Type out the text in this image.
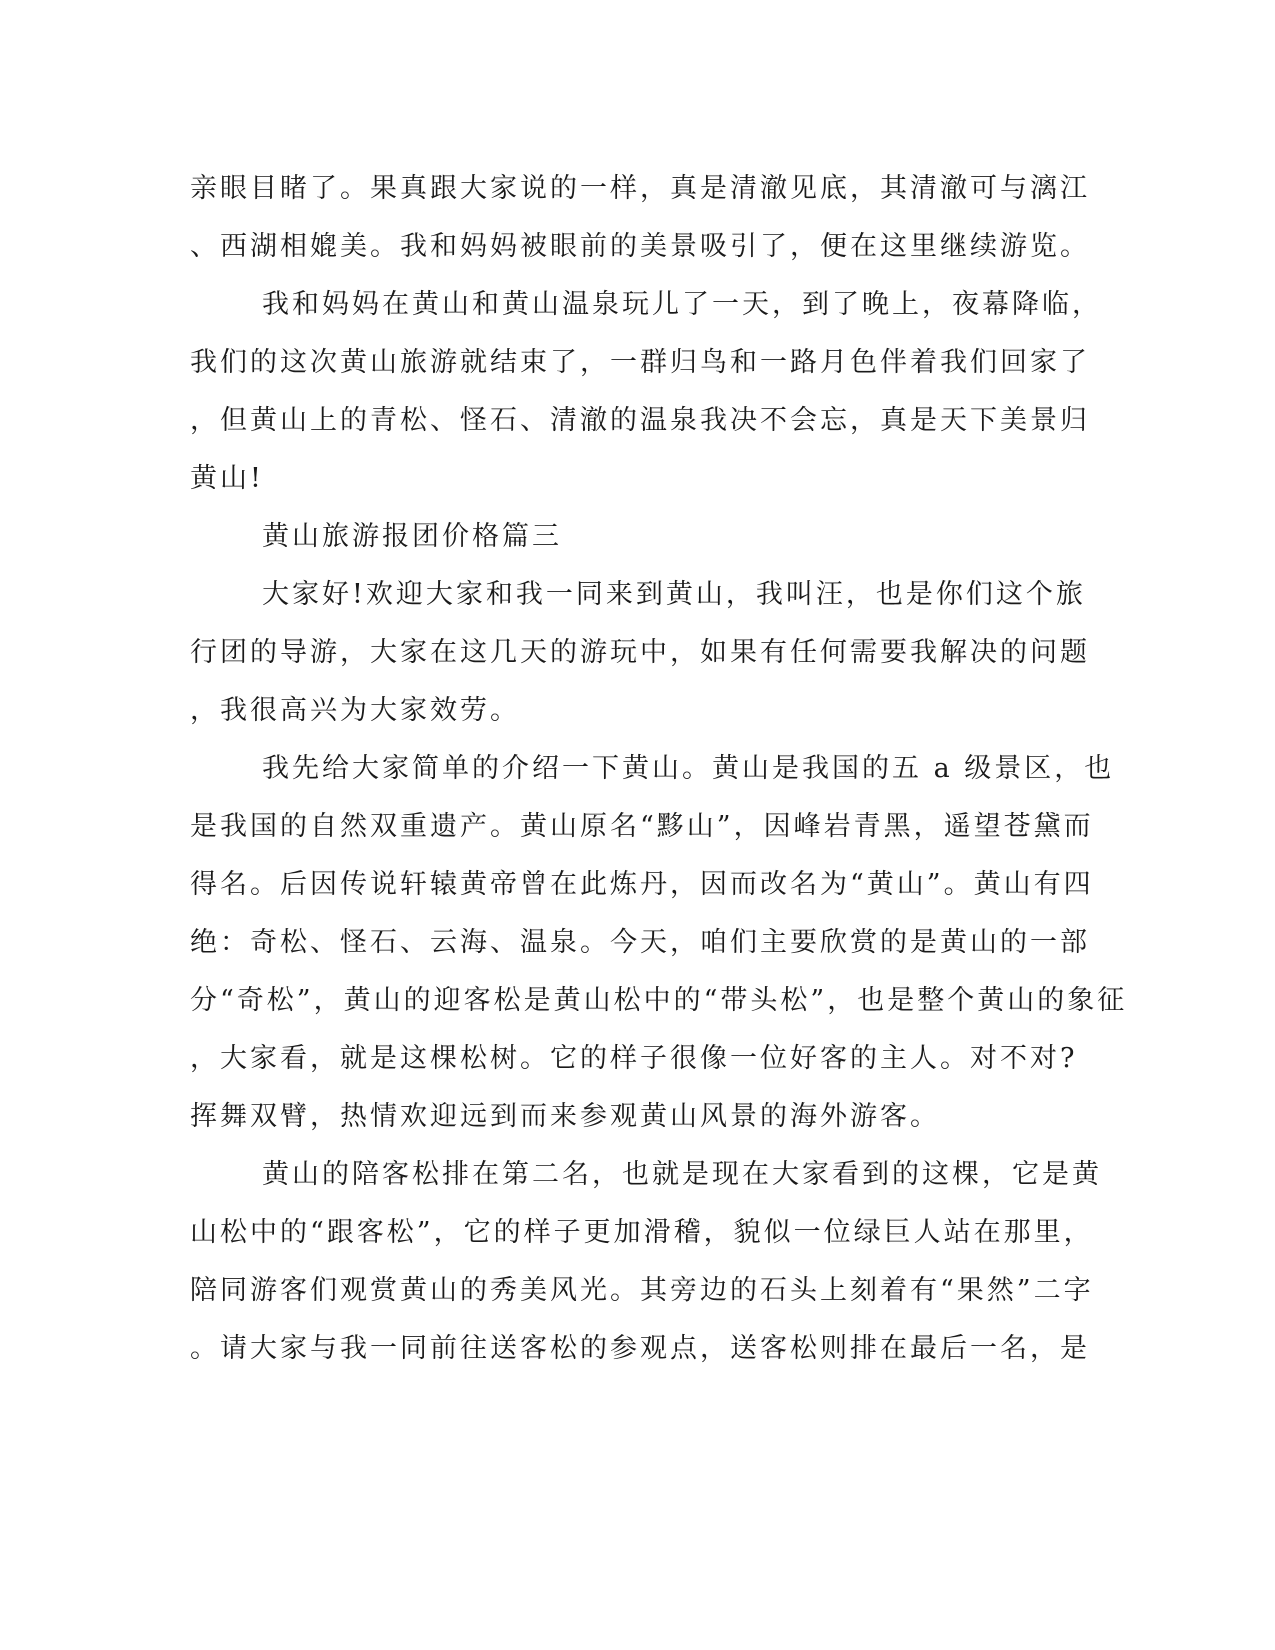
亲眼目睹了。果真跟大家说的一样，真是清澈见底，其清澈可与漓江
、西湖相媲美。我和妈妈被眼前的美景吸引了，便在这里继续游览。
我和妈妈在黄山和黄山温泉玩儿了一天，到了晚上，夜幕降临，
我们的这次黄山旅游就结束了，一群归鸟和一路月色伴着我们回家了
，但黄山上的青松、怪石、清澈的温泉我决不会忘，真是天下美景归
黄山!
黄山旅游报团价格篇三
大家好!欢迎大家和我一同来到黄山，我叫汪，也是你们这个旅
行团的导游，大家在这几天的游玩中，如果有任何需要我解决的问题
，我很高兴为大家效劳。
我先给大家简单的介绍一下黄山。黄山是我国的五 a 级景区，也
是我国的自然双重遗产。黄山原名“黟山”，因峰岩青黑，遥望苍黛而
得名。后因传说轩辕黄帝曾在此炼丹，因而改名为“黄山”。黄山有四
绝：奇松、怪石、云海、温泉。今天，咱们主要欣赏的是黄山的一部
分“奇松”，黄山的迎客松是黄山松中的“带头松”，也是整个黄山的象征
，大家看，就是这棵松树。它的样子很像一位好客的主人。对不对?
挥舞双臂，热情欢迎远到而来参观黄山风景的海外游客。
黄山的陪客松排在第二名，也就是现在大家看到的这棵，它是黄
山松中的“跟客松”，它的样子更加滑稽，貌似一位绿巨人站在那里，
陪同游客们观赏黄山的秀美风光。其旁边的石头上刻着有“果然”二字
。请大家与我一同前往送客松的参观点，送客松则排在最后一名，是
